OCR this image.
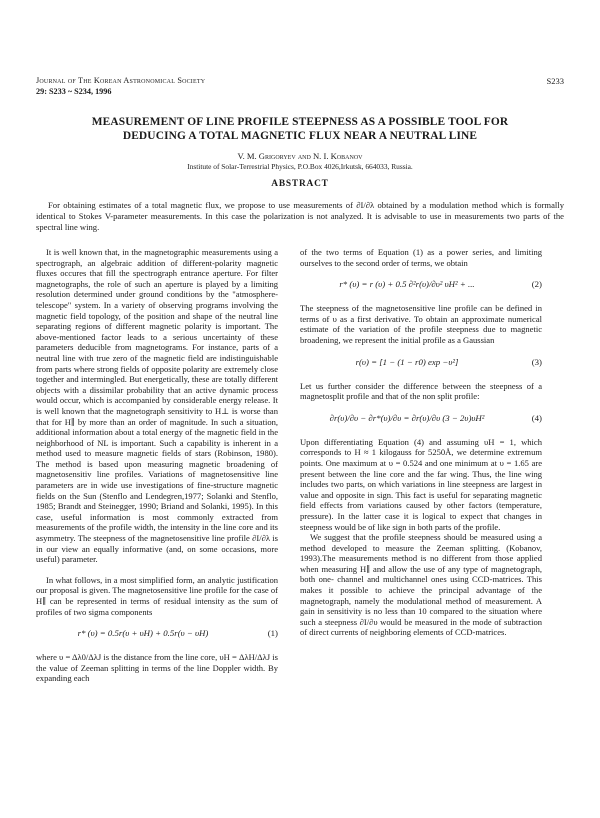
Journal of The Korean Astronomical Society
29: S233 ~ S234, 1996
S233
MEASUREMENT OF LINE PROFILE STEEPNESS AS A POSSIBLE TOOL FOR
DEDUCING A TOTAL MAGNETIC FLUX NEAR A NEUTRAL LINE
V. M. Grigoryev and N. I. Kobanov
Institute of Solar-Terrestrial Physics, P.O.Box 4026,Irkutsk, 664033, Russia.
ABSTRACT
For obtaining estimates of a total magnetic flux, we propose to use measurements of ∂I/∂λ obtained by a modulation method which is formally identical to Stokes V-parameter measurements. In this case the polarization is not analyzed. It is advisable to use in measurements two parts of the spectral line wing.

It is well known that, in the magnetographic measurements using a spectrograph, an algebraic addition of different-polarity magnetic fluxes occures that fill the spectrograph entrance aperture. For filter magnetographs, the role of such an aperture is played by a limiting resolution determined under ground conditions by the "atmosphere-telescope" system. In a variety of observing programs involving the magnetic field topology, of the position and shape of the neutral line separating regions of different magnetic polarity is important. The above-mentioned factor leads to a serious uncertainty of these parameters deducible from magnetograms. For instance, parts of a neutral line with true zero of the magnetic field are indistinguishable from parts where strong fields of opposite polarity are extremely close together and intermingled. But energetically, these are totally different objects with a dissimilar probability that an active dynamic process would occur, which is accompanied by considerable energy release. It is well known that the magnetograph sensitivity to H⊥ is worse than that for H∥ by more than an order of magnitude. In such a situation, additional information about a total energy of the magnetic field in the neighborhood of NL is important. Such a capability is inherent in a method used to measure magnetic fields of stars (Robinson, 1980). The method is based upon measuring magnetic broadening of magnetosensitiv line profiles. Variations of magnetosensitive line parameters are in wide use investigations of fine-structure magnetic fields on the Sun (Stenflo and Lendegren,1977; Solanki and Stenflo, 1985; Brandt and Steinegger, 1990; Briand and Solanki, 1995). In this case, useful information is most commonly extracted from measurements of the profile width, the intensity in the line core and its asymmetry. The steepness of the magnetosensitive line profile ∂I/∂λ is in our view an equally informative (and, on some occasions, more useful) parameter.

In what follows, in a most simplified form, an analytic justification our proposal is given. The magnetosensitive line profile for the case of H∥ can be represented in terms of residual intensity as the sum of profiles of two sigma components

r* (υ) = 0.5r(υ + υH) + 0.5r(υ − υH)	(1)

where υ = Δλ0/ΔλJ is the distance from the line core, υH = ΔλH/ΔλJ is the value of Zeeman splitting in terms of the line Doppler width. By expanding each

of the two terms of Equation (1) as a power series, and limiting ourselves to the second order of terms, we obtain

r* (υ) = r (υ) + 0.5 ∂²r(υ)/∂υ² υH² + ...	(2)

The steepness of the magnetosensitive line profile can be defined in terms of υ as a first derivative. To obtain an approximate numerical estimate of the variation of the profile steepness due to magnetic broadening, we represent the initial profile as a Gaussian

r(υ) = [1 − (1 − r0) exp −υ²]	(3)

Let us further consider the difference between the steepness of a magnetosplit profile and that of the non split profile:

∂r(υ)/∂υ − ∂r*(υ)/∂υ = ∂r(υ)/∂υ (3 − 2υ)υH²	(4)

Upon differentiating Equation (4) and assuming υH = 1, which corresponds to H ≈ 1 kilogauss for 5250Å, we determine extremum points. One maximum at υ = 0.524 and one minimum at υ = 1.65 are present between the line core and the far wing. Thus, the line wing includes two parts, on which variations in line steepness are largest in value and opposite in sign. This fact is useful for separating magnetic field effects from variations caused by other factors (temperature, pressure). In the latter case it is logical to expect that changes in steepness would be of like sign in both parts of the profile.

We suggest that the profile steepness should be measured using a method developed to measure the Zeeman splitting. (Kobanov, 1993).The measurements method is no different from those applied when measuring H∥ and allow the use of any type of magnetograph, both one- channel and multichannel ones using CCD-matrices. This makes it possible to achieve the principal advantage of the magnetograph, namely the modulational method of measurement. A gain in sensitivity is no less than 10 compared to the situation where such a steepness ∂I/∂υ would be measured in the mode of subtraction of direct currents of neighboring elements of CCD-matrices.
